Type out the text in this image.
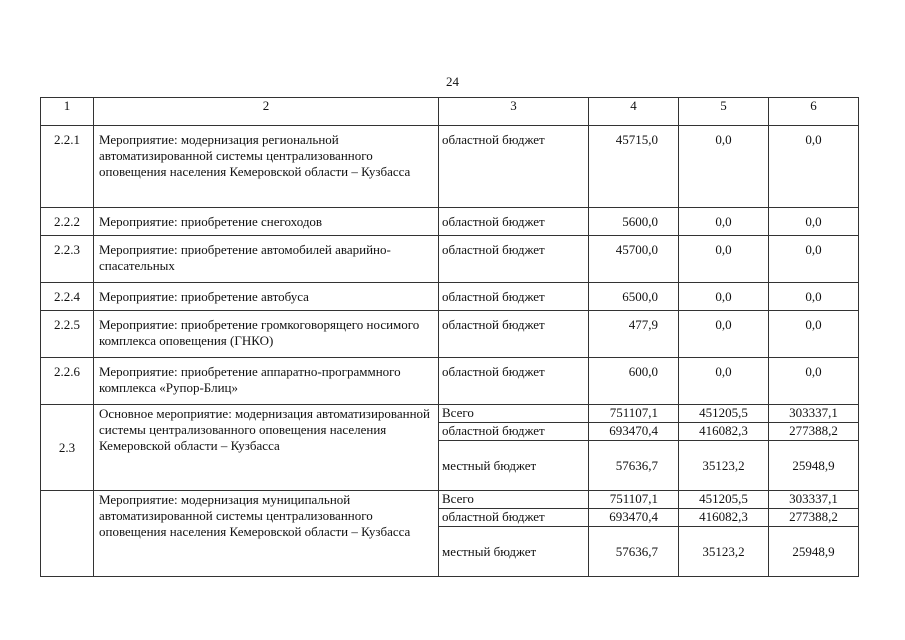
24
1	2	3	4	5	6
2.2.1	Мероприятие: модернизация региональной автоматизированной системы централизованного оповещения населения Кемеровской области – Кузбасса	областной бюджет	45715,0	0,0	0,0
2.2.2	Мероприятие: приобретение снегоходов	областной бюджет	5600,0	0,0	0,0
2.2.3	Мероприятие: приобретение автомобилей аварийно-спасательных	областной бюджет	45700,0	0,0	0,0
2.2.4	Мероприятие: приобретение автобуса	областной бюджет	6500,0	0,0	0,0
2.2.5	Мероприятие: приобретение громкоговорящего носимого комплекса оповещения (ГНКО)	областной бюджет	477,9	0,0	0,0
2.2.6	Мероприятие: приобретение аппаратно-программного комплекса «Рупор-Блиц»	областной бюджет	600,0	0,0	0,0
2.3	Основное мероприятие: модернизация автоматизированной системы централизованного оповещения населения Кемеровской области – Кузбасса	Всего	751107,1	451205,5	303337,1
		областной бюджет	693470,4	416082,3	277388,2
		местный бюджет	57636,7	35123,2	25948,9
	Мероприятие: модернизация муниципальной автоматизированной системы централизованного оповещения населения Кемеровской области – Кузбасса	Всего	751107,1	451205,5	303337,1
		областной бюджет	693470,4	416082,3	277388,2
		местный бюджет	57636,7	35123,2	25948,9
